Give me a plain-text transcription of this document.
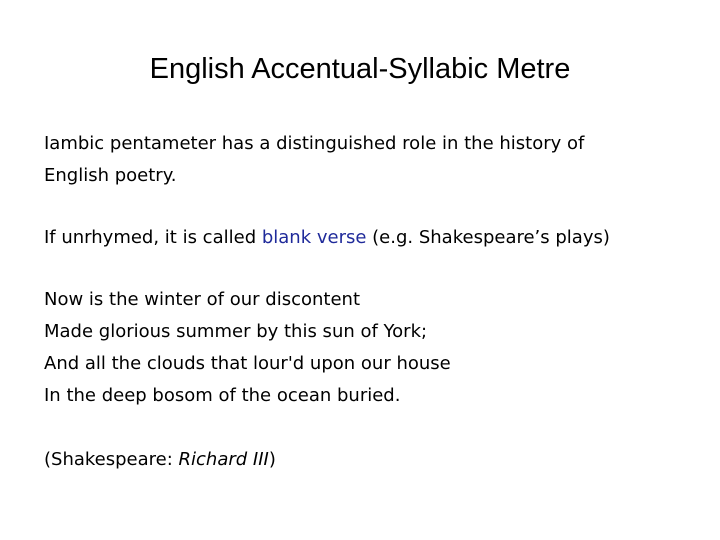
English Accentual-Syllabic Metre
Iambic pentameter has a distinguished role in the history of
English poetry.
If unrhymed, it is called blank verse (e.g. Shakespeare’s plays)
Now is the winter of our discontent
Made glorious summer by this sun of York;
And all the clouds that lour'd upon our house
In the deep bosom of the ocean buried.
(Shakespeare: Richard III)
